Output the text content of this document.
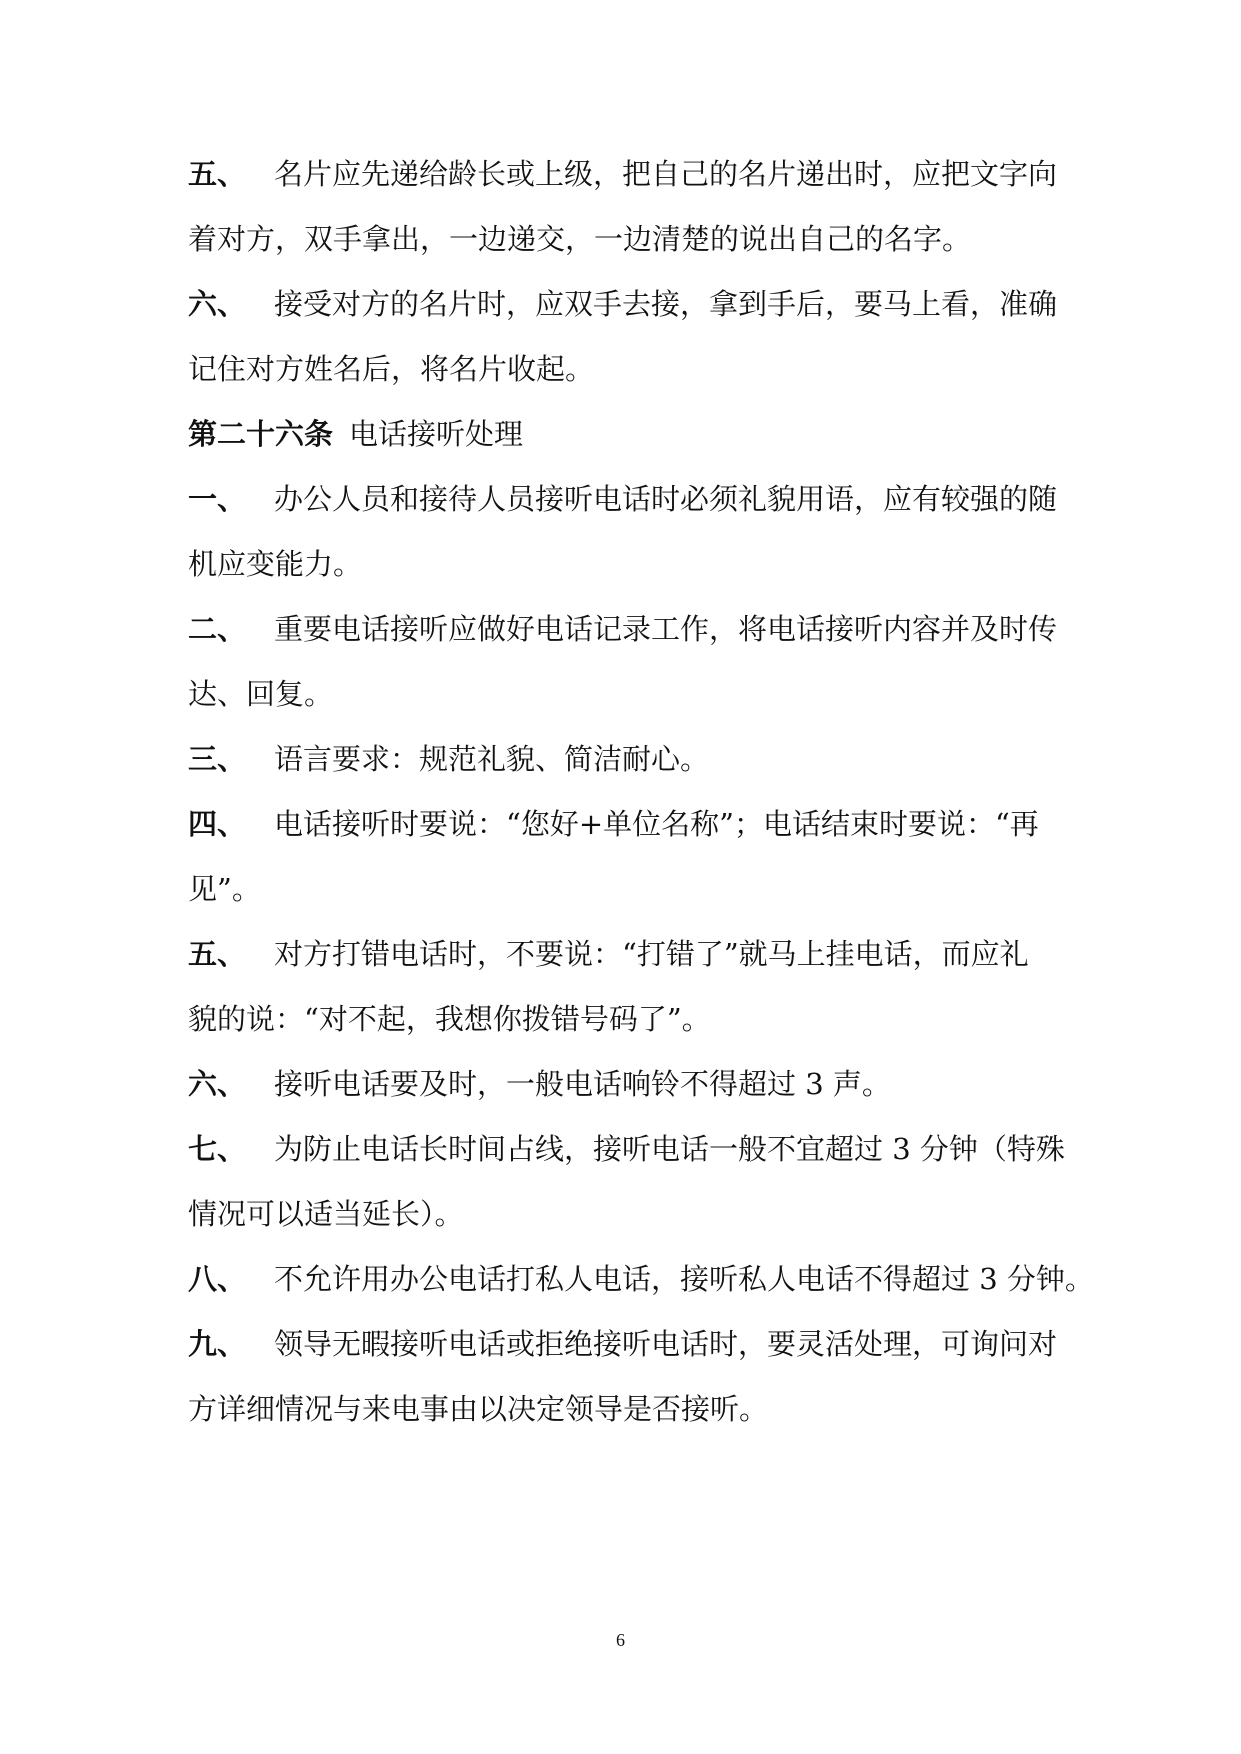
五、 名片应先递给龄长或上级，把自己的名片递出时，应把文字向
着对方，双手拿出，一边递交，一边清楚的说出自己的名字。
六、 接受对方的名片时，应双手去接，拿到手后，要马上看，准确
记住对方姓名后，将名片收起。
第二十六条 电话接听处理
一、 办公人员和接待人员接听电话时必须礼貌用语，应有较强的随
机应变能力。
二、 重要电话接听应做好电话记录工作，将电话接听内容并及时传
达、回复。
三、 语言要求：规范礼貌、简洁耐心。
四、 电话接听时要说：“您好+单位名称”；电话结束时要说：“再
见”。
五、 对方打错电话时，不要说：“打错了”就马上挂电话，而应礼
貌的说：“对不起，我想你拨错号码了”。
六、 接听电话要及时，一般电话响铃不得超过 3 声。
七、 为防止电话长时间占线，接听电话一般不宜超过 3 分钟（特殊
情况可以适当延长）。
八、 不允许用办公电话打私人电话，接听私人电话不得超过 3 分钟。
九、 领导无暇接听电话或拒绝接听电话时，要灵活处理，可询问对
方详细情况与来电事由以决定领导是否接听。
6
